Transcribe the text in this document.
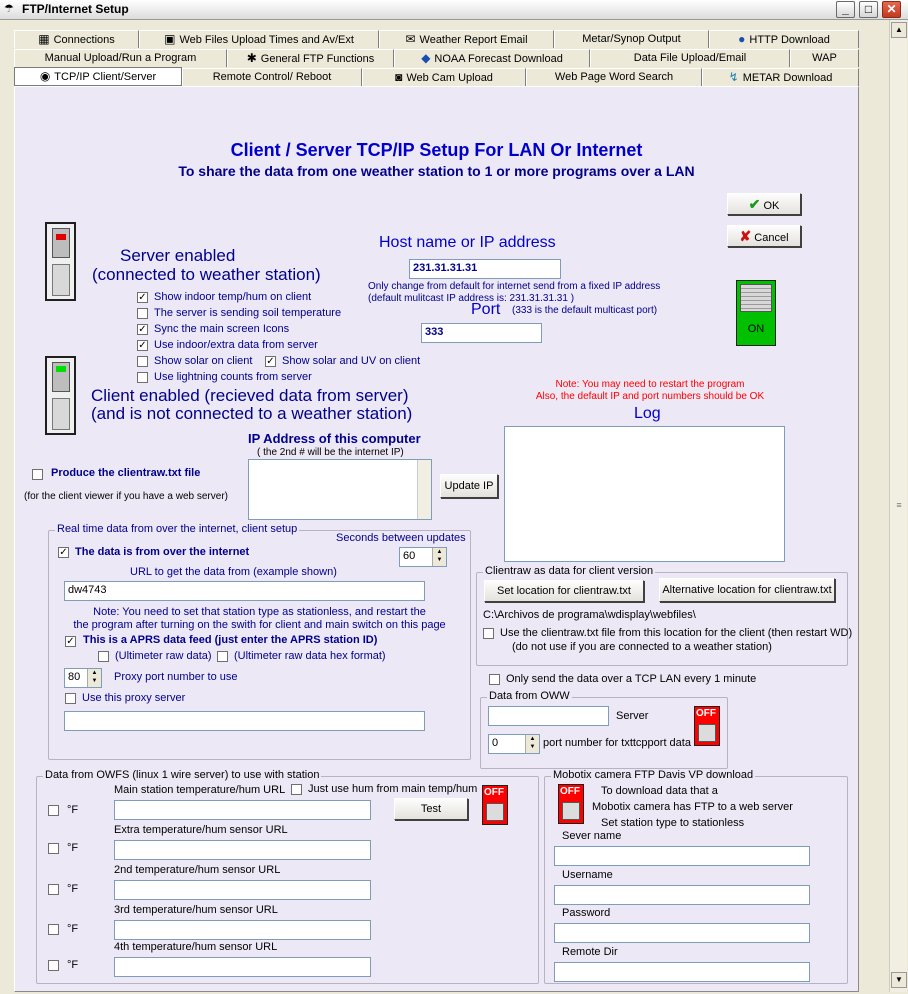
☂ FTP/Internet Setup	_	□	✕
▦ Connections	▣ Web Files Upload Times and Av/Ext	✉ Weather Report Email	Metar/Synop Output	● HTTP Download
Manual Upload/Run a Program	✱ General FTP Functions	◆ NOAA Forecast Download	Data File Upload/Email	WAP
◉ TCP/IP Client/Server	Remote Control/ Reboot	◙ Web Cam Upload	Web Page Word Search	↯ METAR Download
Client / Server TCP/IP Setup For LAN Or Internet
To share the data from one weather station to 1 or more programs over a LAN
✔ OK
✘ Cancel
Server enabled
(connected to weather station)
✓ Show indoor temp/hum on client
The server is sending soil temperature
✓ Sync the main screen Icons
✓ Use indoor/extra data from server
Show solar on client ✓ Show solar and UV on client
Use lightning counts from server
Host name or IP address
231.31.31.31
Only change from default for internet send from a fixed IP address
(default mulitcast IP address is: 231.31.31.31 )
Port (333 is the default multicast port)
333	ON
Client enabled (recieved data from server)
(and is not connected to a weather station)
Note: You may need to restart the program
Also, the default IP and port numbers should be OK
Log
IP Address of this computer
( the 2nd # will be the internet IP)
Update IP
Produce the clientraw.txt file
(for the client viewer if you have a web server)
Real time data from over the internet, client setup
Seconds between updates
60	▲
▼
✓ The data is from over the internet
URL to get the data from (example shown)
dw4743
Note: You need to set that station type as stationless, and restart the
the program after turning on the swith for client and main switch on this page
✓ This is a APRS data feed (just enter the APRS station ID)
(Ultimeter raw data) (Ultimeter raw data hex format)
80	▲
▼	Proxy port number to use
Use this proxy server
Clientraw as data for client version
Set location for clientraw.txt	Alternative location for clientraw.txt
C:\Archivos de programa\wdisplay\webfiles\
Use the clientraw.txt file from this location for the client (then restart WD)
(do not use if you are connected to a weather station)
Only send the data over a TCP LAN every 1 minute
Data from OWW
Server
0	▲
▼ port number for txttcpport data
OFF
Data from OWFS (linux 1 wire server) to use with station
Main station temperature/hum URL Just use hum from main temp/hum
°F	Test
OFF
Extra temperature/hum sensor URL
°F
2nd temperature/hum sensor URL
°F
3rd temperature/hum sensor URL
°F
4th temperature/hum sensor URL
°F
Mobotix camera FTP Davis VP download
OFF To download data that a
Mobotix camera has FTP to a web server
Set station type to stationless
Sever name
Username
Password
Remote Dir
▲
≡
▼
